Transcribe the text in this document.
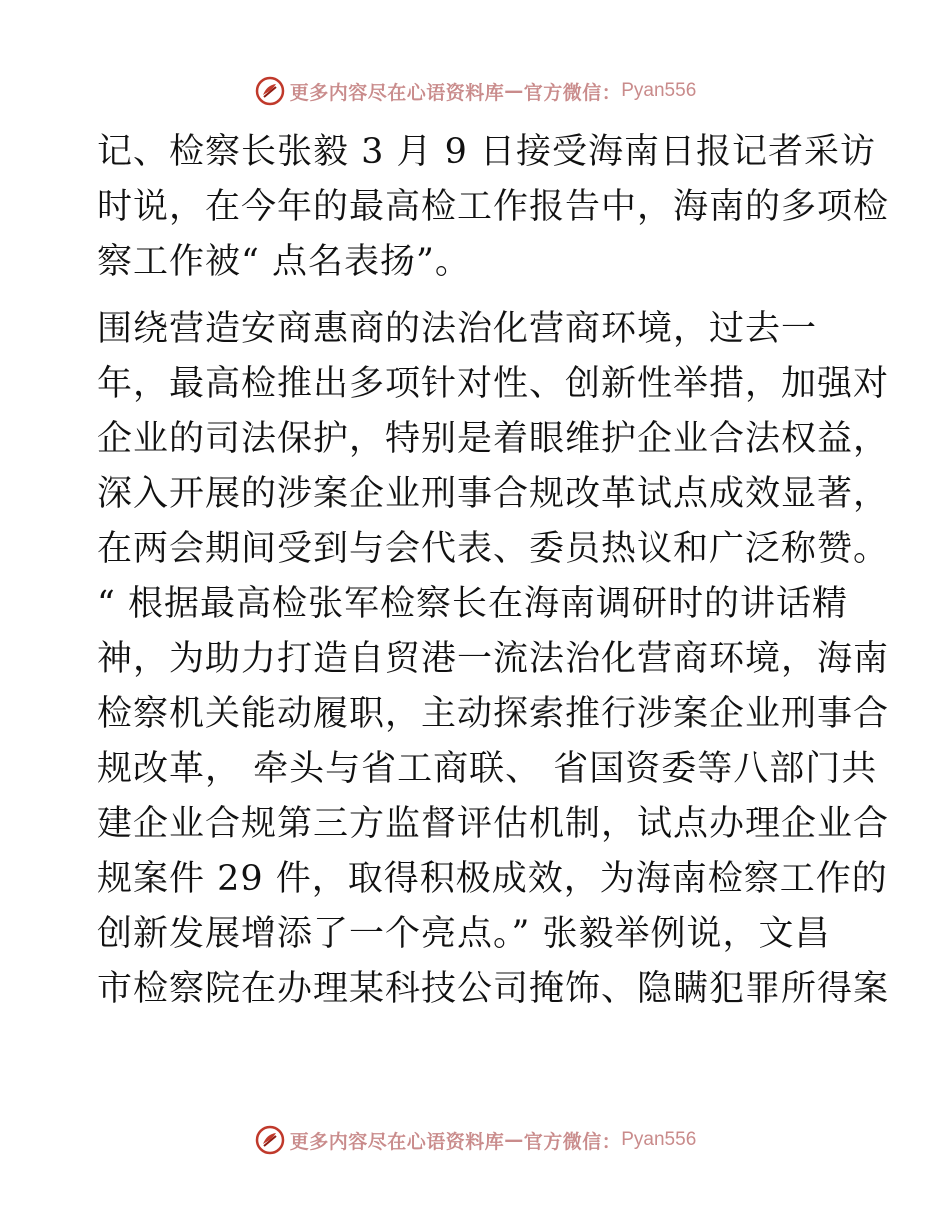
更多内容尽在心语资料库 — 官方微信： Pyan556
记、检察长张毅 3 月 9 日接受海南日报记者采访
时说，在今年的最高检工作报告中，海南的多项检
察工作被“ 点名表扬”。
围绕营造安商惠商的法治化营商环境，过去一
年，最高检推出多项针对性、创新性举措，加强对
企业的司法保护，特别是着眼维护企业合法权益，
深入开展的涉案企业刑事合规改革试点成效显著，
在两会期间受到与会代表、委员热议和广泛称赞。
“ 根据最高检张军检察长在海南调研时的讲话精
神，为助力打造自贸港一流法治化营商环境，海南
检察机关能动履职，主动探索推行涉案企业刑事合
规改革， 牵头与省工商联、 省国资委等八部门共
建企业合规第三方监督评估机制，试点办理企业合
规案件 29 件，取得积极成效，为海南检察工作的
创新发展增添了一个亮点。” 张毅举例说，文昌
市检察院在办理某科技公司掩饰、隐瞒犯罪所得案
更多内容尽在心语资料库 — 官方微信： Pyan556
